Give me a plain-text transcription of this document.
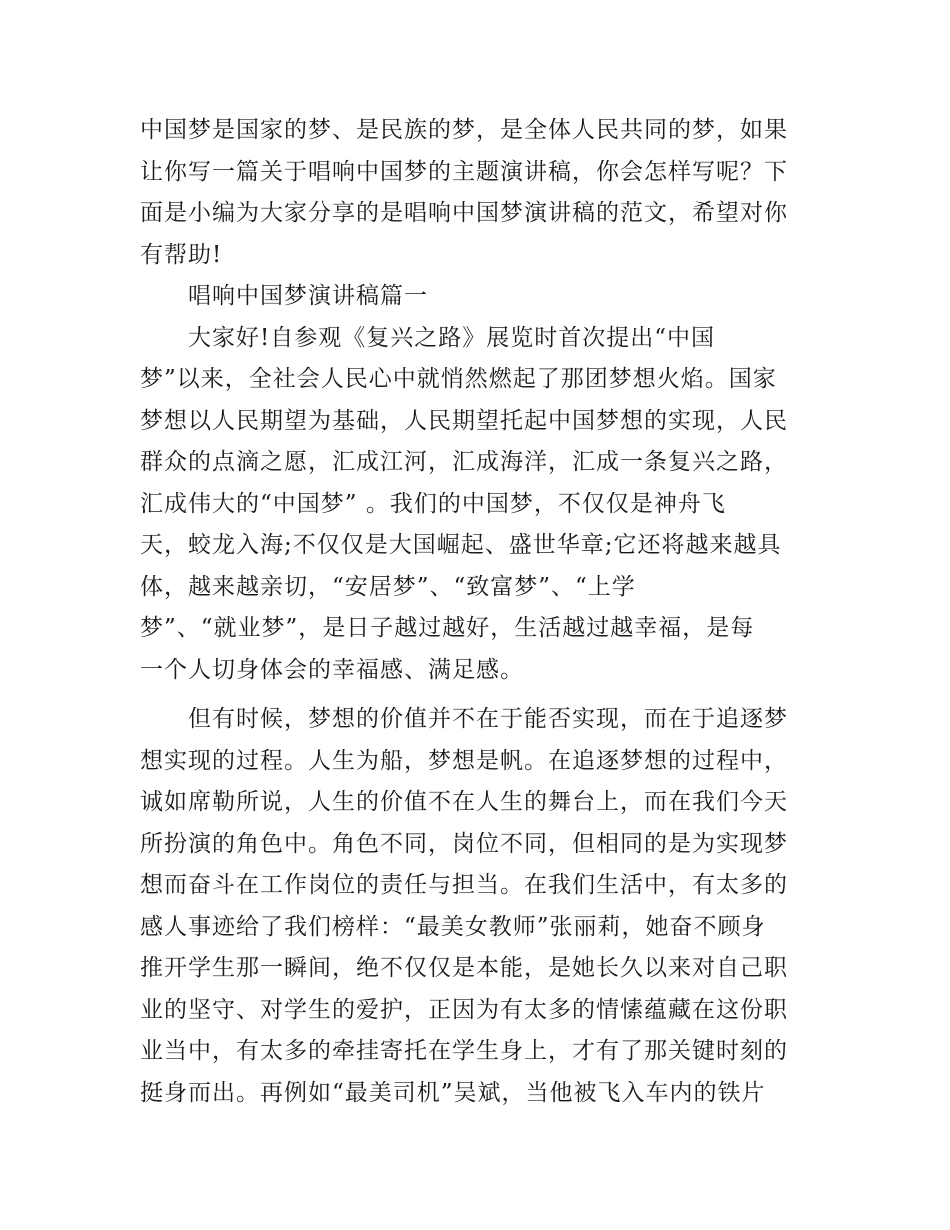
中国梦是国家的梦、是民族的梦，是全体人民共同的梦，如果
让你写一篇关于唱响中国梦的主题演讲稿，你会怎样写呢？下
面是小编为大家分享的是唱响中国梦演讲稿的范文，希望对你
有帮助!

唱响中国梦演讲稿篇一

大家好!自参观《复兴之路》展览时首次提出“中国
梦”以来，全社会人民心中就悄然燃起了那团梦想火焰。国家
梦想以人民期望为基础，人民期望托起中国梦想的实现，人民
群众的点滴之愿，汇成江河，汇成海洋，汇成一条复兴之路，
汇成伟大的“中国梦” 。我们的中国梦，不仅仅是神舟飞
天，蛟龙入海;不仅仅是大国崛起、盛世华章;它还将越来越具
体，越来越亲切，“安居梦”、“致富梦”、“上学
梦”、“就业梦”，是日子越过越好，生活越过越幸福，是每
一个人切身体会的幸福感、满足感。

但有时候，梦想的价值并不在于能否实现，而在于追逐梦
想实现的过程。人生为船，梦想是帆。在追逐梦想的过程中，
诚如席勒所说，人生的价值不在人生的舞台上，而在我们今天
所扮演的角色中。角色不同，岗位不同，但相同的是为实现梦
想而奋斗在工作岗位的责任与担当。在我们生活中，有太多的
感人事迹给了我们榜样：“最美女教师”张丽莉，她奋不顾身
推开学生那一瞬间，绝不仅仅是本能，是她长久以来对自己职
业的坚守、对学生的爱护，正因为有太多的情愫蕴藏在这份职
业当中，有太多的牵挂寄托在学生身上，才有了那关键时刻的
挺身而出。再例如“最美司机”吴斌，当他被飞入车内的铁片
